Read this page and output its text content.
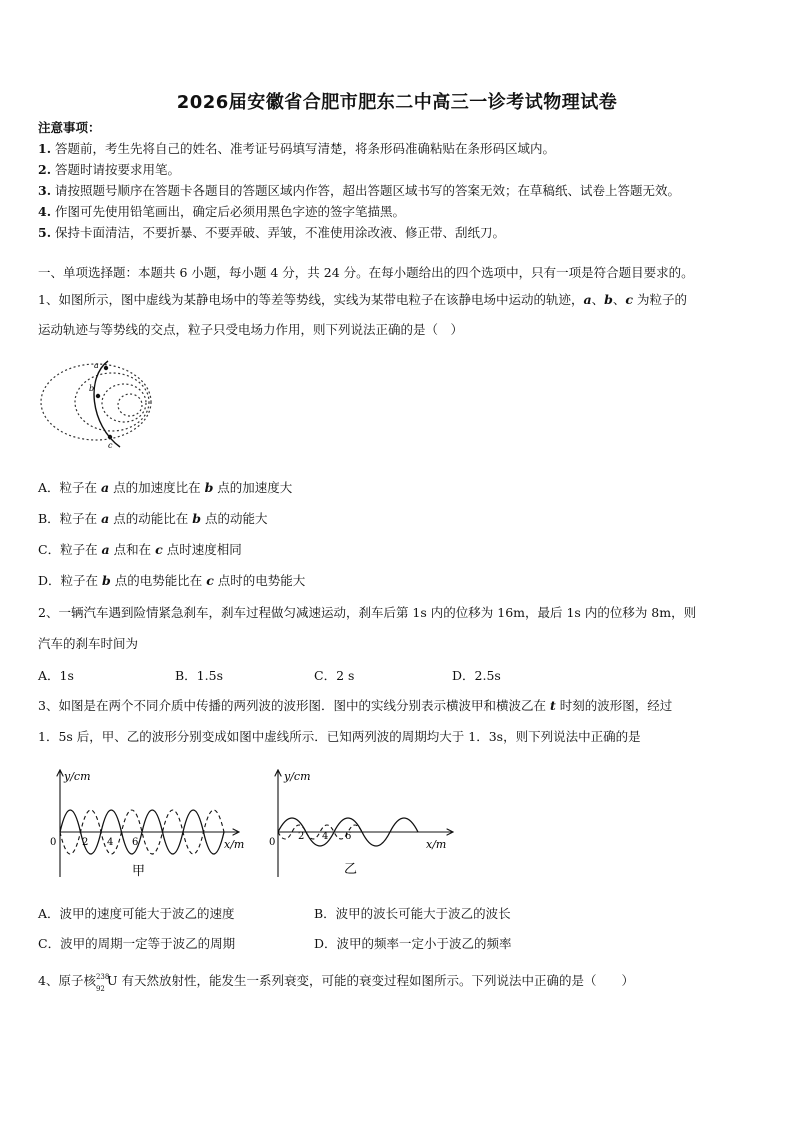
2026届安徽省合肥市肥东二中高三一诊考试物理试卷
注意事项：
1. 答题前，考生先将自己的姓名、准考证号码填写清楚，将条形码准确粘贴在条形码区域内。
2. 答题时请按要求用笔。
3. 请按照题号顺序在答题卡各题目的答题区域内作答，超出答题区域书写的答案无效；在草稿纸、试卷上答题无效。
4. 作图可先使用铅笔画出，确定后必须用黑色字迹的签字笔描黑。
5. 保持卡面清洁，不要折暴、不要弄破、弄皱，不准使用涂改液、修正带、刮纸刀。
一、单项选择题：本题共 6 小题，每小题 4 分，共 24 分。在每小题给出的四个选项中，只有一项是符合题目要求的。
1、如图所示，图中虚线为某静电场中的等差等势线，实线为某带电粒子在该静电场中运动的轨迹，a、b、c 为粒子的
运动轨迹与等势线的交点，粒子只受电场力作用，则下列说法正确的是（　）
a
b
c
A．粒子在 a 点的加速度比在 b 点的加速度大
B．粒子在 a 点的动能比在 b 点的动能大
C．粒子在 a 点和在 c 点时速度相同
D．粒子在 b 点的电势能比在 c 点时的电势能大
2、一辆汽车遇到险情紧急刹车，刹车过程做匀减速运动，刹车后第 1s 内的位移为 16m，最后 1s 内的位移为 8m，则
汽车的刹车时间为
A．1s	B．1.5s	C．2 s	D．2.5s
3、如图是在两个不同介质中传播的两列波的波形图．图中的实线分别表示横波甲和横波乙在 t 时刻的波形图，经过
1．5s 后，甲、乙的波形分别变成如图中虚线所示．已知两列波的周期均大于 1．3s，则下列说法中正确的是
y/cm
x/m
0	2 4 6
甲
y/cm
x/m
0
2 4 6
乙
A．波甲的速度可能大于波乙的速度	B．波甲的波长可能大于波乙的波长
C．波甲的周期一定等于波乙的周期	D．波甲的频率一定小于波乙的频率
4、原子核 238
92
U 有天然放射性，能发生一系列衰变，可能的衰变过程如图所示。下列说法中正确的是（　　）
